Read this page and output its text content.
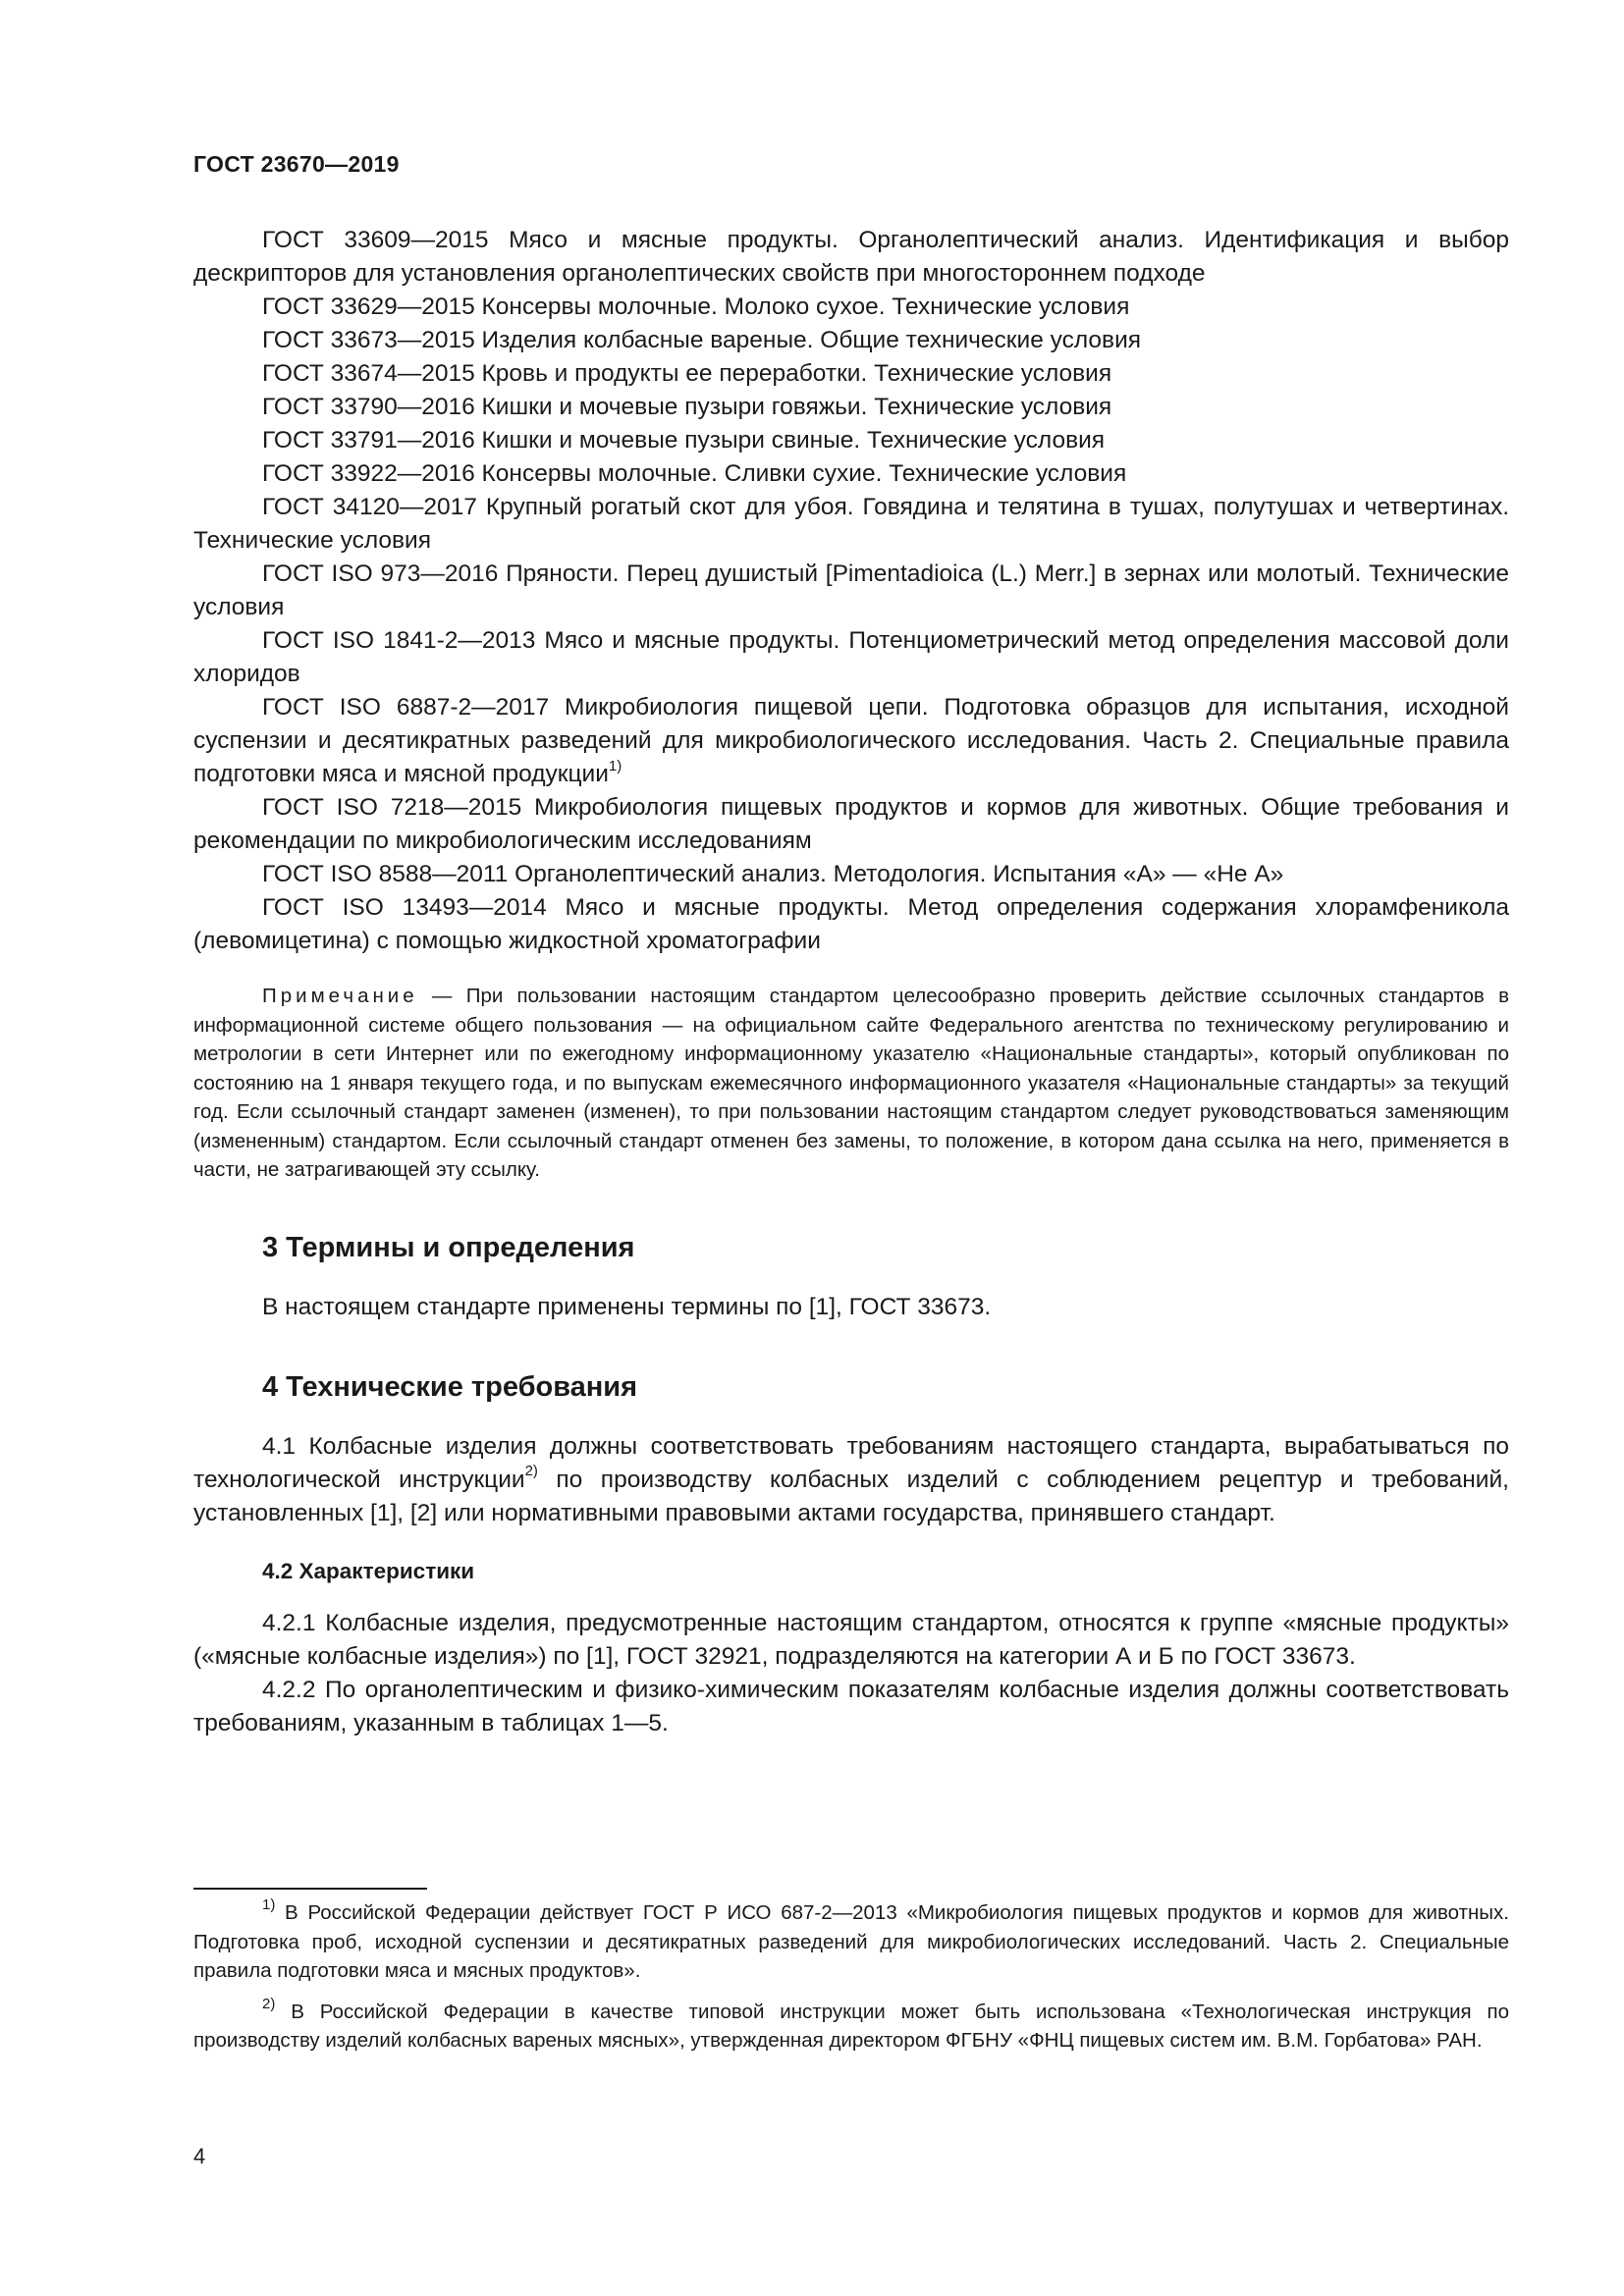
ГОСТ 23670—2019

ГОСТ 33609—2015 Мясо и мясные продукты. Органолептический анализ. Идентификация и выбор дескрипторов для установления органолептических свойств при многостороннем подходе

ГОСТ 33629—2015 Консервы молочные. Молоко сухое. Технические условия

ГОСТ 33673—2015 Изделия колбасные вареные. Общие технические условия

ГОСТ 33674—2015 Кровь и продукты ее переработки. Технические условия

ГОСТ 33790—2016 Кишки и мочевые пузыри говяжьи. Технические условия

ГОСТ 33791—2016 Кишки и мочевые пузыри свиные. Технические условия

ГОСТ 33922—2016 Консервы молочные. Сливки сухие. Технические условия

ГОСТ 34120—2017 Крупный рогатый скот для убоя. Говядина и телятина в тушах, полутушах и четвертинах. Технические условия

ГОСТ ISO 973—2016 Пряности. Перец душистый [Pimentadioica (L.) Merr.] в зернах или молотый. Технические условия

ГОСТ ISO 1841-2—2013 Мясо и мясные продукты. Потенциометрический метод определения массовой доли хлоридов

ГОСТ ISO 6887-2—2017 Микробиология пищевой цепи. Подготовка образцов для испытания, исходной суспензии и десятикратных разведений для микробиологического исследования. Часть 2. Специальные правила подготовки мяса и мясной продукции$^{1)}$

ГОСТ ISO 7218—2015 Микробиология пищевых продуктов и кормов для животных. Общие требования и рекомендации по микробиологическим исследованиям

ГОСТ ISO 8588—2011 Органолептический анализ. Методология. Испытания «А» — «Не А»

ГОСТ ISO 13493—2014 Мясо и мясные продукты. Метод определения содержания хлорамфеникола (левомицетина) с помощью жидкостной хроматографии

Примечание — При пользовании настоящим стандартом целесообразно проверить действие ссылочных стандартов в информационной системе общего пользования — на официальном сайте Федерального агентства по техническому регулированию и метрологии в сети Интернет или по ежегодному информационному указателю «Национальные стандарты», который опубликован по состоянию на 1 января текущего года, и по выпускам ежемесячного информационного указателя «Национальные стандарты» за текущий год. Если ссылочный стандарт заменен (изменен), то при пользовании настоящим стандартом следует руководствоваться заменяющим (измененным) стандартом. Если ссылочный стандарт отменен без замены, то положение, в котором дана ссылка на него, применяется в части, не затрагивающей эту ссылку.

3 Термины и определения

В настоящем стандарте применены термины по [1], ГОСТ 33673.

4 Технические требования

4.1 Колбасные изделия должны соответствовать требованиям настоящего стандарта, вырабатываться по технологической инструкции$^{2)}$ по производству колбасных изделий с соблюдением рецептур и требований, установленных [1], [2] или нормативными правовыми актами государства, принявшего стандарт.

4.2 Характеристики

4.2.1 Колбасные изделия, предусмотренные настоящим стандартом, относятся к группе «мясные продукты» («мясные колбасные изделия») по [1], ГОСТ 32921, подразделяются на категории А и Б по ГОСТ 33673.

4.2.2 По органолептическим и физико-химическим показателям колбасные изделия должны соответствовать требованиям, указанным в таблицах 1—5.

$^{1)}$ В Российской Федерации действует ГОСТ Р ИСО 687-2—2013 «Микробиология пищевых продуктов и кормов для животных. Подготовка проб, исходной суспензии и десятикратных разведений для микробиологических исследований. Часть 2. Специальные правила подготовки мяса и мясных продуктов».

$^{2)}$ В Российской Федерации в качестве типовой инструкции может быть использована «Технологическая инструкция по производству изделий колбасных вареных мясных», утвержденная директором ФГБНУ «ФНЦ пищевых систем им. В.М. Горбатова» РАН.

4
